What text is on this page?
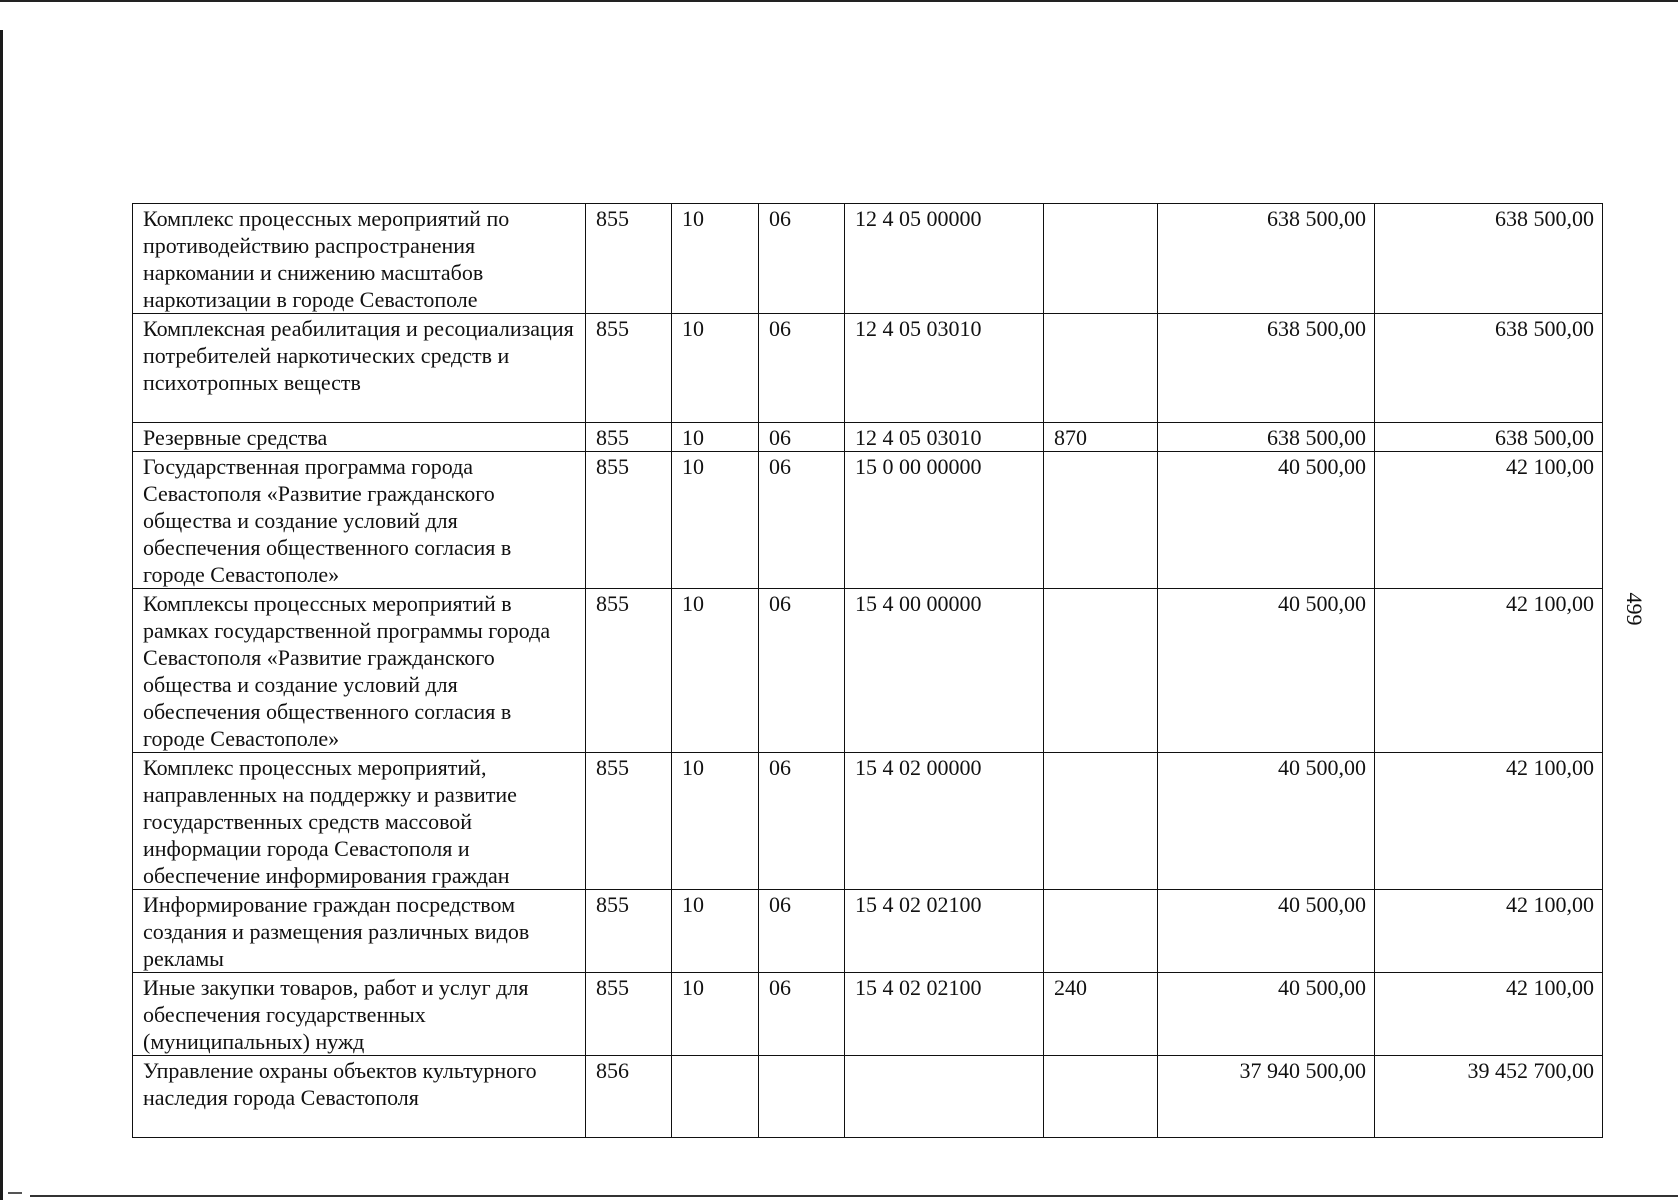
499
Комплекс процессных мероприятий по противодействию распространения наркомании и снижению масштабов наркотизации в городе Севастополе	855	10	06	12 4 05 00000		638 500,00	638 500,00
Комплексная реабилитация и ресоциализация потребителей наркотических средств и психотропных веществ	855	10	06	12 4 05 03010		638 500,00	638 500,00
Резервные средства	855	10	06	12 4 05 03010	870	638 500,00	638 500,00
Государственная программа города Севастополя «Развитие гражданского общества и создание условий для обеспечения общественного согласия в городе Севастополе»	855	10	06	15 0 00 00000		40 500,00	42 100,00
Комплексы процессных мероприятий в рамках государственной программы города Севастополя «Развитие гражданского общества и создание условий для обеспечения общественного согласия в городе Севастополе»	855	10	06	15 4 00 00000		40 500,00	42 100,00
Комплекс процессных мероприятий, направленных на поддержку и развитие государственных средств массовой информации города Севастополя и обеспечение информирования граждан	855	10	06	15 4 02 00000		40 500,00	42 100,00
Информирование граждан посредством создания и размещения различных видов рекламы	855	10	06	15 4 02 02100		40 500,00	42 100,00
Иные закупки товаров, работ и услуг для обеспечения государственных (муниципальных) нужд	855	10	06	15 4 02 02100	240	40 500,00	42 100,00
Управление охраны объектов культурного наследия города Севастополя	856					37 940 500,00	39 452 700,00
